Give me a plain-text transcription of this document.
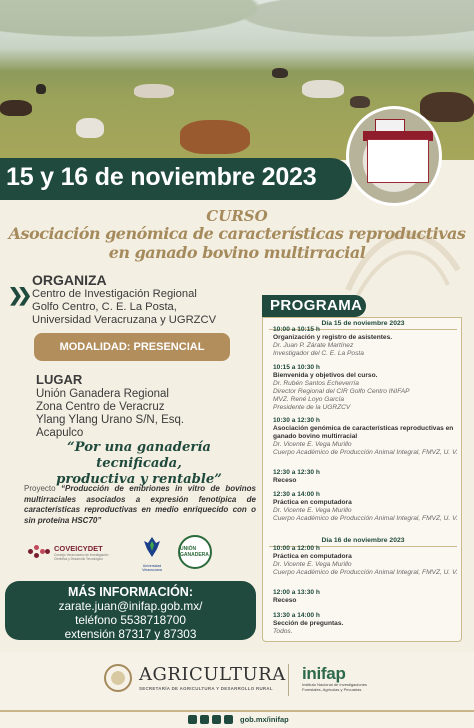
15 y 16 de noviembre 2023
CURSO
Asociación genómica de características reproductivas
en ganado bovino multirracial
❯❯
ORGANIZA
Centro de Investigación Regional
Golfo Centro, C. E. La Posta,
Universidad Veracruzana y UGRZCV
MODALIDAD: PRESENCIAL
LUGAR
Unión Ganadera Regional
Zona Centro de Veracruz
Ylang Ylang Urano S/N, Esq.
Acapulco
“Por una ganadería tecnificada,
productiva y rentable”
Proyecto “Producción de embriones in vitro de bovinos multirraciales asociados a expresión fenotípica de características reproductivas en medio enriquecido con o sin proteína HSC70”
COVEICYDET
Consejo Veracruzano de Investigación Científica y Desarrollo Tecnológico
Universidad Veracruzana
UNIÓN GANADERA
MÁS INFORMACIÓN:
zarate.juan@inifap.gob.mx/
teléfono 5538718700
extensión 87317 y 87303
PROGRAMA
Día 15 de noviembre 2023
10:00 a 10:15 h
Organización y registro de asistentes.
Dr. Juan P. Zárate Martínez
Investigador del C. E. La Posta
10:15 a 10:30 h
Bienvenida y objetivos del curso.
Dr. Rubén Santos Echeverría
Director Regional del CIR Golfo Centro INIFAP
MVZ. René Loyo García
Presidente de la UGRZCV
10:30 a 12:30 h
Asociación genómica de características reproductivas en ganado bovino multirracial
Dr. Vicente E. Vega Murillo
Cuerpo Académico de Producción Animal Integral, FMVZ, U. V.
12:30 a 12:30 h
Receso
12:30 a 14:00 h
Práctica en computadora
Dr. Vicente E. Vega Murillo
Cuerpo Académico de Producción Animal Integral, FMVZ, U. V.
Día 16 de noviembre 2023
10:00 a 12:00 h
Práctica en computadora
Dr. Vicente E. Vega Murillo
Cuerpo Académico de Producción Animal Integral, FMVZ, U. V.
12:00 a 13:30 h
Receso
13:30 a 14:00 h
Sección de preguntas.
Todos.
AGRICULTURA
SECRETARÍA DE AGRICULTURA Y DESARROLLO RURAL
inifap
Instituto Nacional de Investigaciones Forestales, Agrícolas y Pecuarias
gob.mx/inifap
